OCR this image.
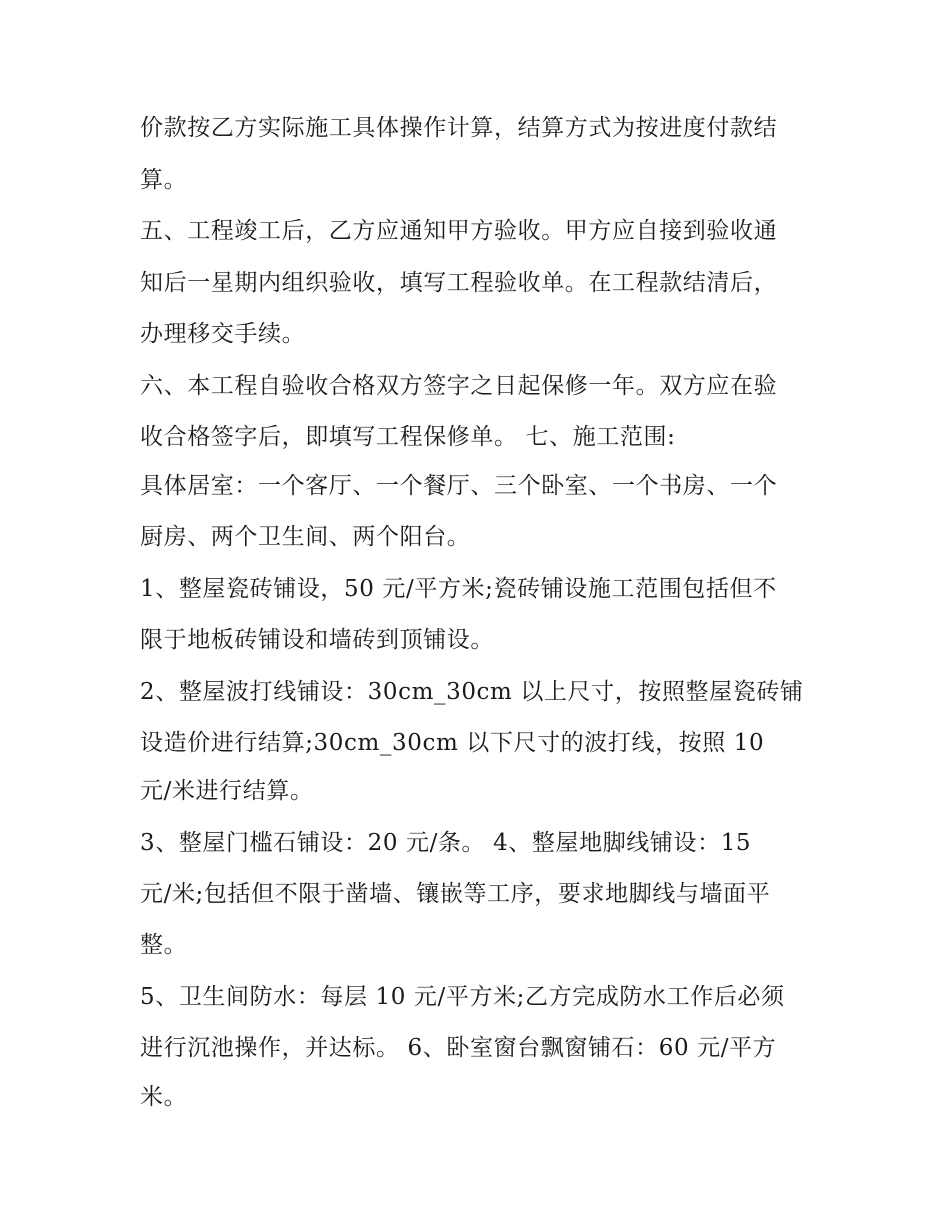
价款按乙方实际施工具体操作计算，结算方式为按进度付款结
算。
五、工程竣工后，乙方应通知甲方验收。甲方应自接到验收通
知后一星期内组织验收，填写工程验收单。在工程款结清后，
办理移交手续。
六、本工程自验收合格双方签字之日起保修一年。双方应在验
收合格签字后，即填写工程保修单。 七、施工范围:
具体居室：一个客厅、一个餐厅、三个卧室、一个书房、一个
厨房、两个卫生间、两个阳台。
1、整屋瓷砖铺设，50 元/平方米;瓷砖铺设施工范围包括但不
限于地板砖铺设和墙砖到顶铺设。
2、整屋波打线铺设：30cm_30cm 以上尺寸，按照整屋瓷砖铺
设造价进行结算;30cm_30cm 以下尺寸的波打线，按照 10
元/米进行结算。
3、整屋门槛石铺设：20 元/条。 4、整屋地脚线铺设：15
元/米;包括但不限于凿墙、镶嵌等工序，要求地脚线与墙面平
整。
5、卫生间防水：每层 10 元/平方米;乙方完成防水工作后必须
进行沉池操作，并达标。 6、卧室窗台飘窗铺石：60 元/平方
米。
